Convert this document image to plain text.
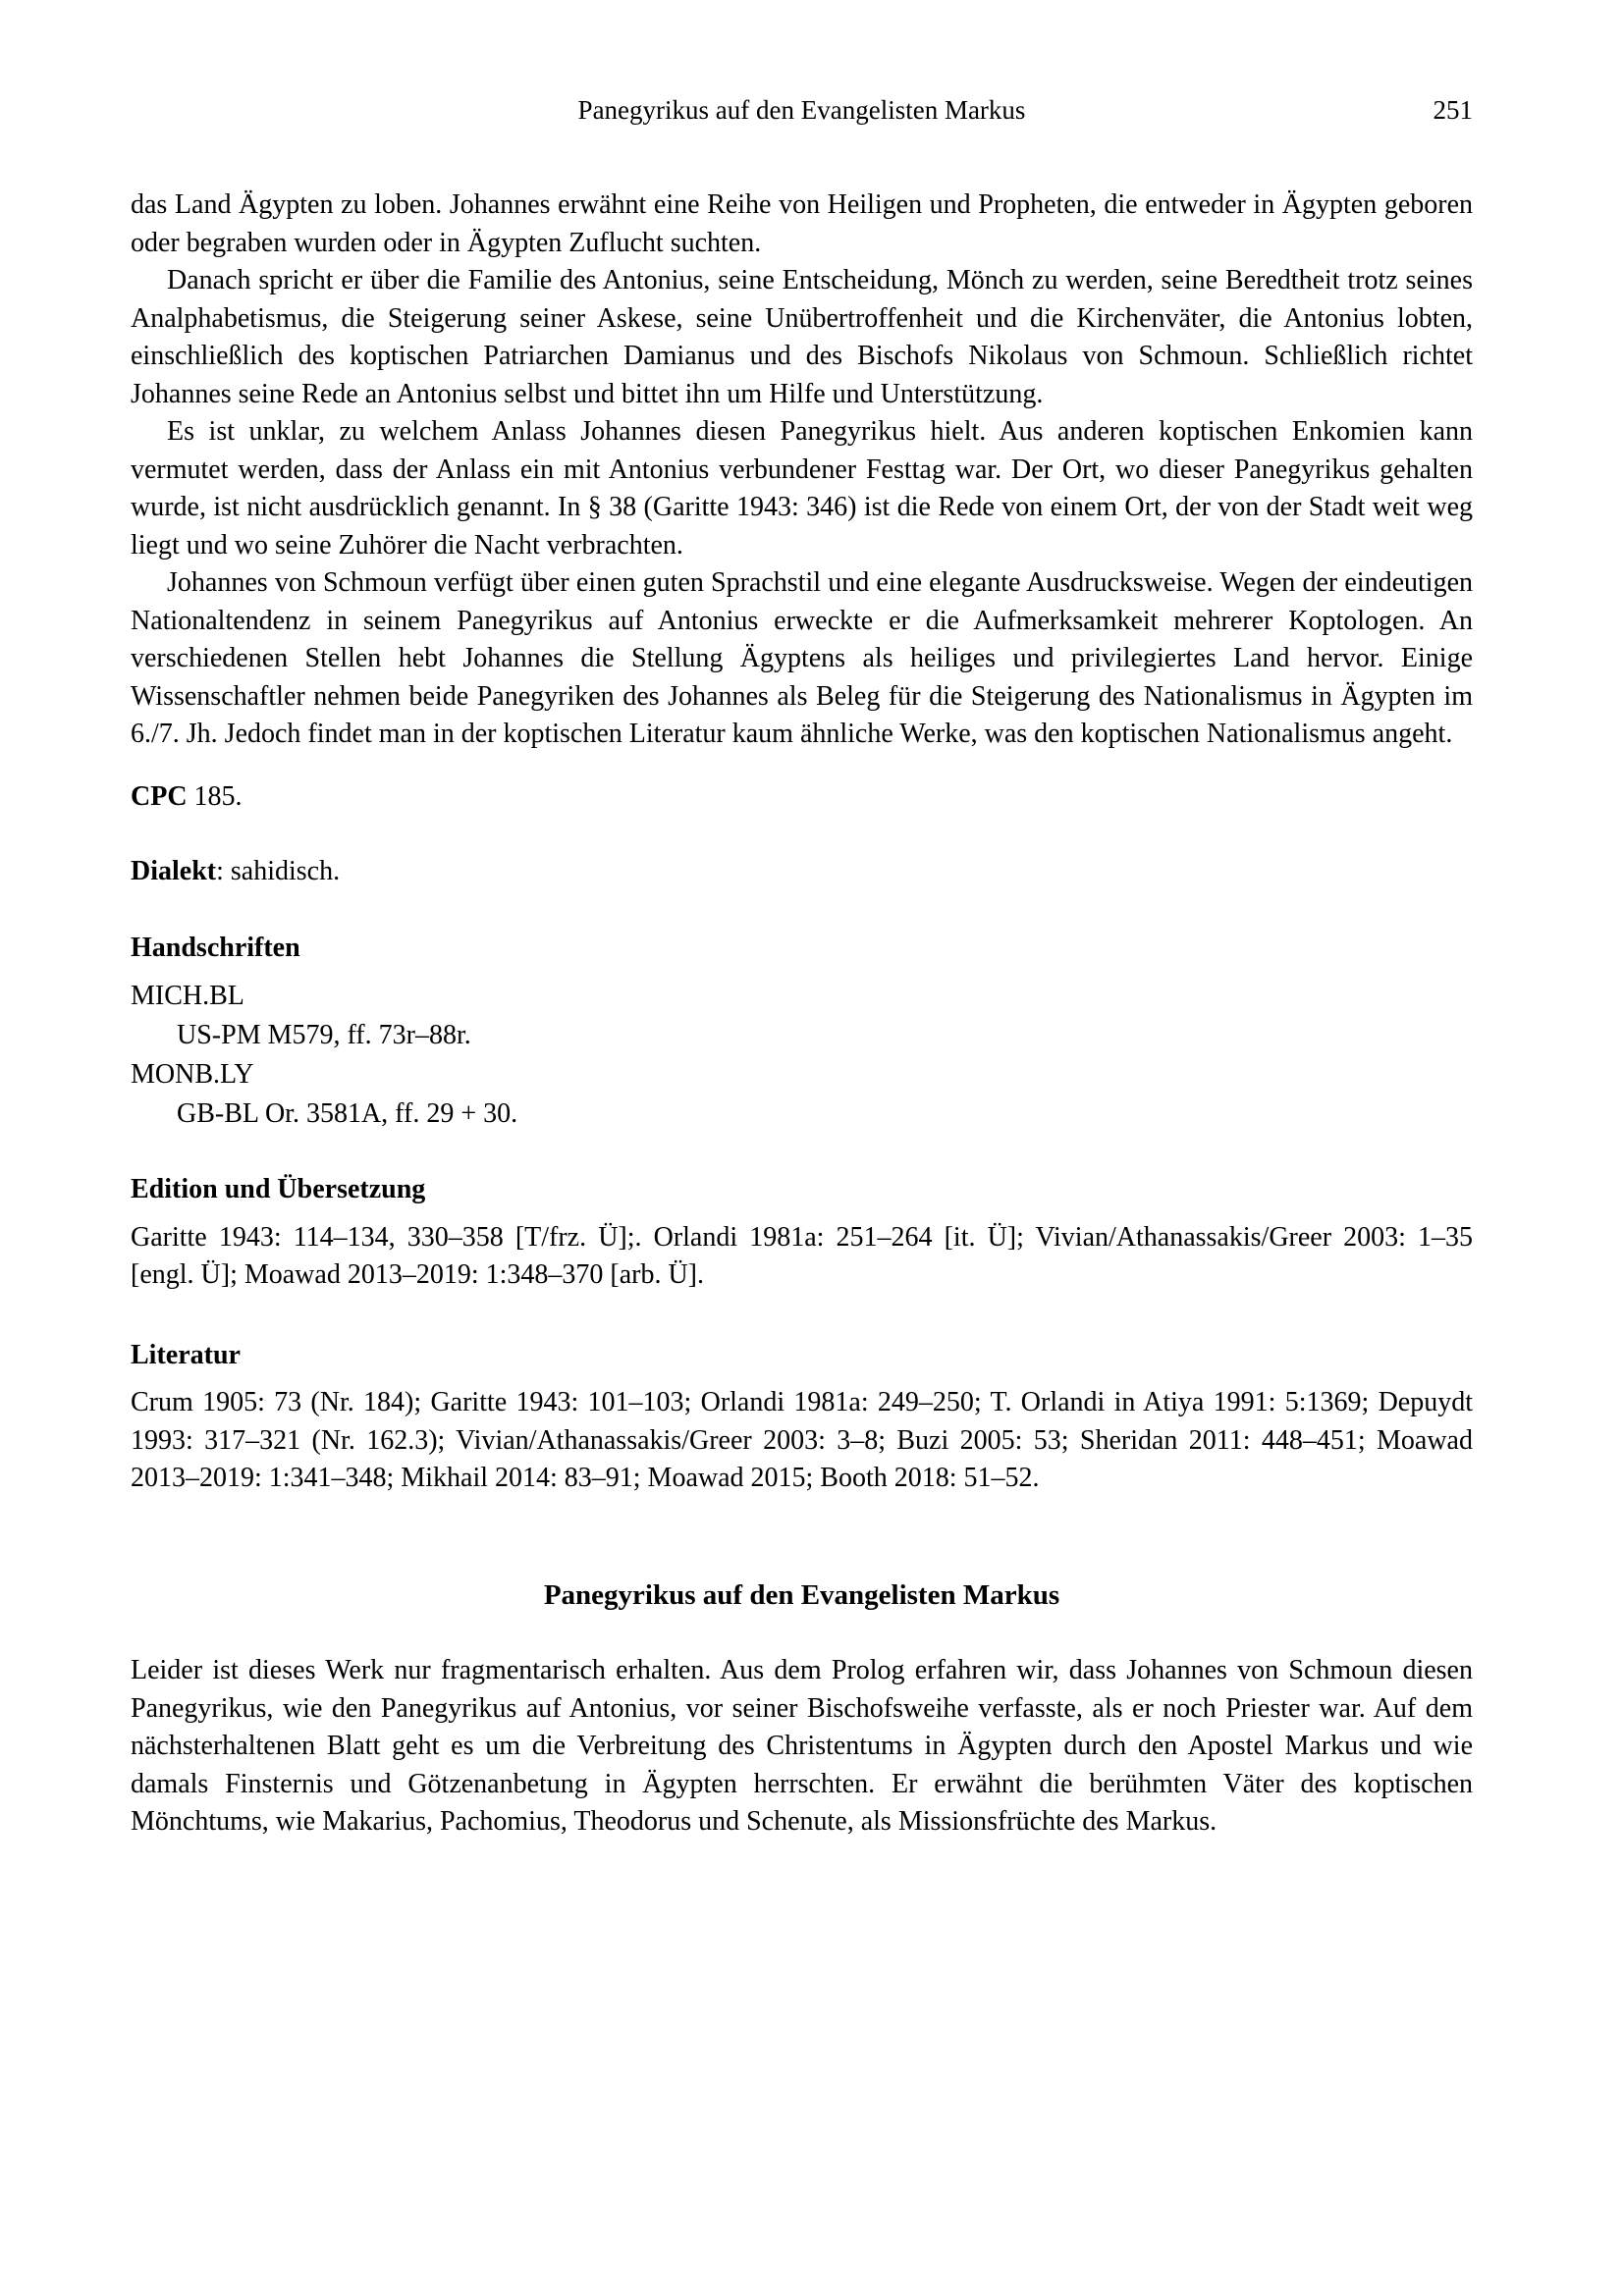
Panegyrikus auf den Evangelisten Markus	251

das Land Ägypten zu loben. Johannes erwähnt eine Reihe von Heiligen und Propheten, die entweder in Ägypten geboren oder begraben wurden oder in Ägypten Zuflucht suchten.

Danach spricht er über die Familie des Antonius, seine Entscheidung, Mönch zu werden, seine Beredtheit trotz seines Analphabetismus, die Steigerung seiner Askese, seine Unübertroffenheit und die Kirchenväter, die Antonius lobten, einschließlich des koptischen Patriarchen Damianus und des Bischofs Nikolaus von Schmoun. Schließlich richtet Johannes seine Rede an Antonius selbst und bittet ihn um Hilfe und Unterstützung.

Es ist unklar, zu welchem Anlass Johannes diesen Panegyrikus hielt. Aus anderen koptischen Enkomien kann vermutet werden, dass der Anlass ein mit Antonius verbundener Festtag war. Der Ort, wo dieser Panegyrikus gehalten wurde, ist nicht ausdrücklich genannt. In § 38 (Garitte 1943: 346) ist die Rede von einem Ort, der von der Stadt weit weg liegt und wo seine Zuhörer die Nacht verbrachten.

Johannes von Schmoun verfügt über einen guten Sprachstil und eine elegante Ausdrucksweise. Wegen der eindeutigen Nationaltendenz in seinem Panegyrikus auf Antonius erweckte er die Aufmerksamkeit mehrerer Koptologen. An verschiedenen Stellen hebt Johannes die Stellung Ägyptens als heiliges und privilegiertes Land hervor. Einige Wissenschaftler nehmen beide Panegyriken des Johannes als Beleg für die Steigerung des Nationalismus in Ägypten im 6./7. Jh. Jedoch findet man in der koptischen Literatur kaum ähnliche Werke, was den koptischen Nationalismus angeht.

CPC 185.

Dialekt: sahidisch.

Handschriften

MICH.BL

US-PM M579, ff. 73r–88r.

MONB.LY

GB-BL Or. 3581A, ff. 29 + 30.

Edition und Übersetzung

Garitte 1943: 114–134, 330–358 [T/frz. Ü];. Orlandi 1981a: 251–264 [it. Ü]; Vivian/Athanassakis/Greer 2003: 1–35 [engl. Ü]; Moawad 2013–2019: 1:348–370 [arb. Ü].

Literatur

Crum 1905: 73 (Nr. 184); Garitte 1943: 101–103; Orlandi 1981a: 249–250; T. Orlandi in Atiya 1991: 5:1369; Depuydt 1993: 317–321 (Nr. 162.3); Vivian/Athanassakis/Greer 2003: 3–8; Buzi 2005: 53; Sheridan 2011: 448–451; Moawad 2013–2019: 1:341–348; Mikhail 2014: 83–91; Moawad 2015; Booth 2018: 51–52.

Panegyrikus auf den Evangelisten Markus

Leider ist dieses Werk nur fragmentarisch erhalten. Aus dem Prolog erfahren wir, dass Johannes von Schmoun diesen Panegyrikus, wie den Panegyrikus auf Antonius, vor seiner Bischofsweihe verfasste, als er noch Priester war. Auf dem nächsterhaltenen Blatt geht es um die Verbreitung des Christentums in Ägypten durch den Apostel Markus und wie damals Finsternis und Götzenanbetung in Ägypten herrschten. Er erwähnt die berühmten Väter des koptischen Mönchtums, wie Makarius, Pachomius, Theodorus und Schenute, als Missionsfrüchte des Markus.
